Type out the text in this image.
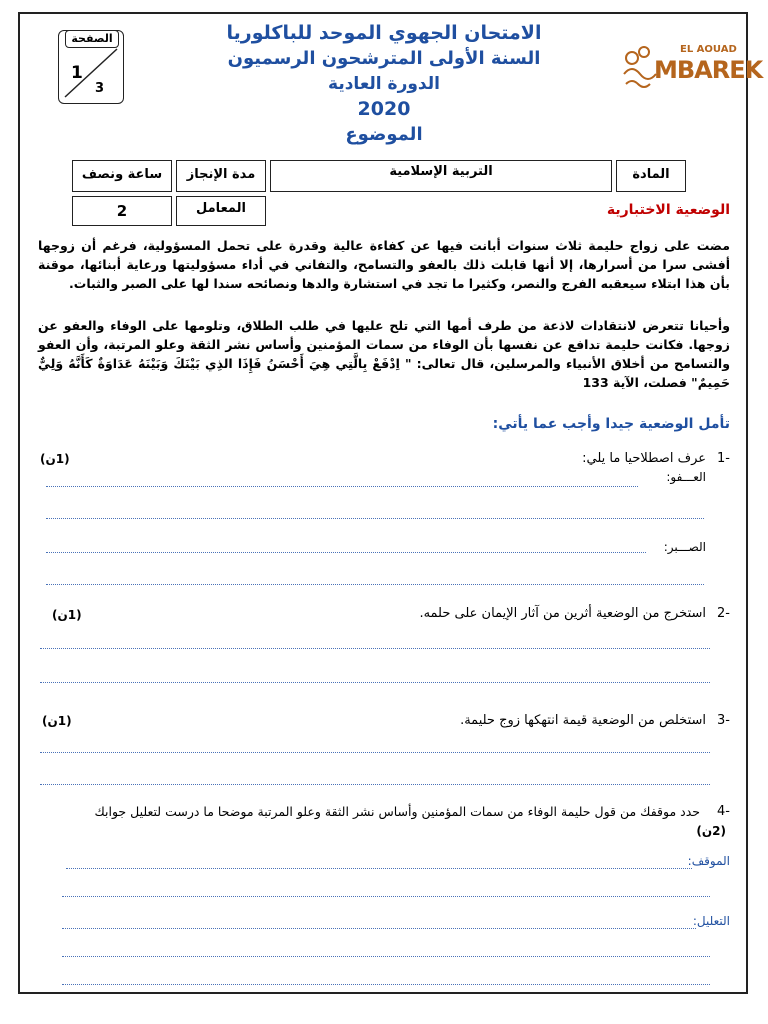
الامتحان الجهوي الموحد للباكلوريا
السنة الأولى المترشحون الرسميون
الدورة العادية
2020
الموضوع
الصفحة
1
3
EL AOUAD
MBAREK
المادة
التربية الإسلامية
مدة الإنجاز
ساعة ونصف
المعامل
2	الوضعية الاختبارية
مضت على زواج حليمة ثلاث سنوات أبانت فيها عن كفاءة عالية وقدرة على تحمل المسؤولية، فرغم أن زوجها أفشى سرا من أسرارها، إلا أنها قابلت ذلك بالعفو والتسامح، والتفاني في أداء مسؤوليتها ورعاية أبنائها، موقنة بأن هذا ابتلاء سيعقبه الفرج والنصر، وكثيرا ما تجد في استشارة والدها ونصائحه سندا لها على الصبر والثبات.
وأحيانا تتعرض لانتقادات لاذعة من طرف أمها التي تلح عليها في طلب الطلاق، وتلومها على الوفاء والعفو عن زوجها. فكانت حليمة تدافع عن نفسها بأن الوفاء من سمات المؤمنين وأساس نشر الثقة وعلو المرتبة، وأن العفو والتسامح من أخلاق الأنبياء والمرسلين، قال تعالى: " اِدْفَعْ بِالَّتِي هِيَ أَحْسَنُ فَإِذَا الذِي بَيْنَكَ وَبَيْنَهُ عَدَاوَةٌ كَأَنَّهُ وَلِيٌّ حَمِيمٌ" فصلت، الآية 133
تأمل الوضعية جيدا وأجب عما يأتي:
-1
عرف اصطلاحيا ما يلي:
(1ن)
العـــفو:
الصـــبر:
-2
استخرج من الوضعية أثرين من آثار الإيمان على حلمه.
(1ن)
-3
استخلص من الوضعية قيمة انتهكها زوج حليمة.
(1ن)
-4
حدد موقفك من قول حليمة الوفاء من سمات المؤمنين وأساس نشر الثقة وعلو المرتبة موضحا ما درست لتعليل جوابك
(2ن)
الموقف:
التعليل:
